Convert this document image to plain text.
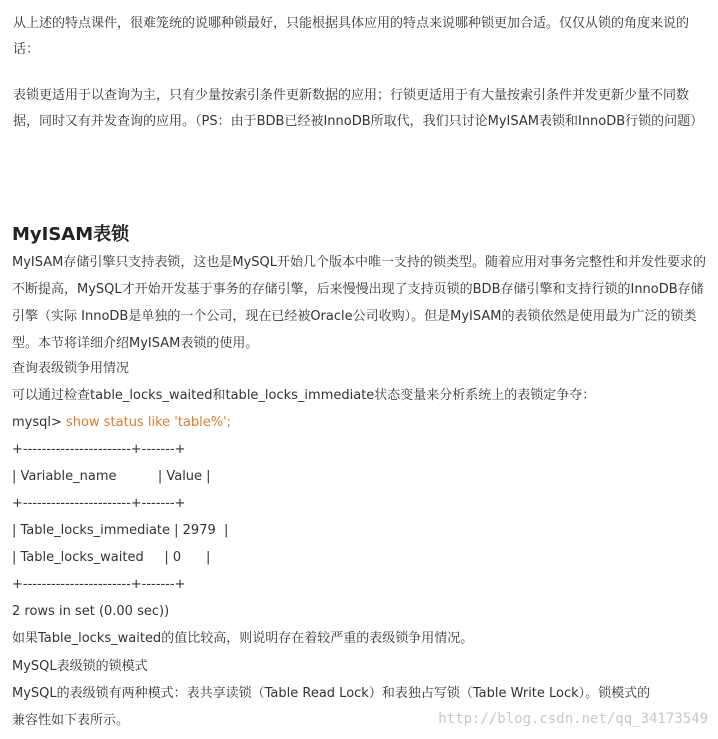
从上述的特点课件，很难笼统的说哪种锁最好，只能根据具体应用的特点来说哪种锁更加合适。仅仅从锁的角度来说的话：

表锁更适用于以查询为主，只有少量按索引条件更新数据的应用；行锁更适用于有大量按索引条件并发更新少量不同数据，同时又有并发查询的应用。（PS：由于BDB已经被InnoDB所取代，我们只讨论MyISAM表锁和InnoDB行锁的问题）

MyISAM表锁

MyISAM存储引擎只支持表锁，这也是MySQL开始几个版本中唯一支持的锁类型。随着应用对事务完整性和并发性要求的不断提高，MySQL才开始开发基于事务的存储引擎，后来慢慢出现了支持页锁的BDB存储引擎和支持行锁的InnoDB存储引擎（实际 InnoDB是单独的一个公司，现在已经被Oracle公司收购）。但是MyISAM的表锁依然是使用最为广泛的锁类型。本节将详细介绍MyISAM表锁的使用。

查询表级锁争用情况
可以通过检查table_locks_waited和table_locks_immediate状态变量来分析系统上的表锁定争夺：
mysql> show status like 'table%';
+-----------------------+-------+
| Variable_name          | Value |
+-----------------------+-------+
| Table_locks_immediate | 2979  |
| Table_locks_waited     | 0      |
+-----------------------+-------+
2 rows in set (0.00 sec))
如果Table_locks_waited的值比较高，则说明存在着较严重的表级锁争用情况。
MySQL表级锁的锁模式
MySQL的表级锁有两种模式：表共享读锁（Table Read Lock）和表独占写锁（Table Write Lock）。锁模式的
兼容性如下表所示。	http://blog.csdn.net/qq_34173549
